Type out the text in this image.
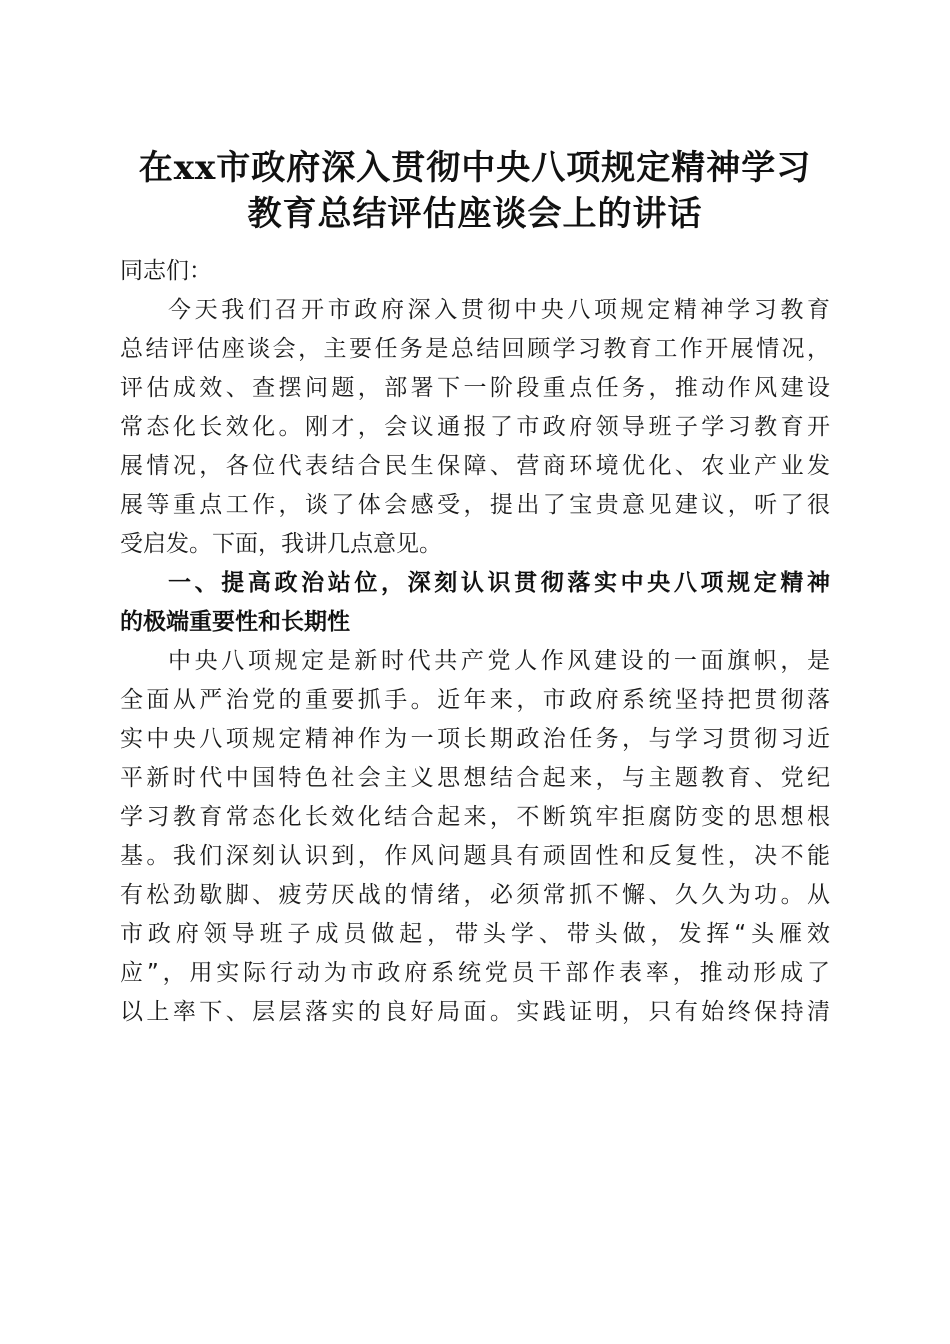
在xx市政府深入贯彻中央八项规定精神学习
教育总结评估座谈会上的讲话
同志们：
今天我们召开市政府深入贯彻中央八项规定精神学习教育
总结评估座谈会，主要任务是总结回顾学习教育工作开展情况，
评估成效、查摆问题，部署下一阶段重点任务，推动作风建设
常态化长效化。刚才，会议通报了市政府领导班子学习教育开
展情况，各位代表结合民生保障、营商环境优化、农业产业发
展等重点工作，谈了体会感受，提出了宝贵意见建议，听了很
受启发。下面，我讲几点意见。
一、提高政治站位，深刻认识贯彻落实中央八项规定精神
的极端重要性和长期性
中央八项规定是新时代共产党人作风建设的一面旗帜，是
全面从严治党的重要抓手。近年来，市政府系统坚持把贯彻落
实中央八项规定精神作为一项长期政治任务，与学习贯彻习近
平新时代中国特色社会主义思想结合起来，与主题教育、党纪
学习教育常态化长效化结合起来，不断筑牢拒腐防变的思想根
基。我们深刻认识到，作风问题具有顽固性和反复性，决不能
有松劲歇脚、疲劳厌战的情绪，必须常抓不懈、久久为功。从
市政府领导班子成员做起，带头学、带头做，发挥“头雁效
应”，用实际行动为市政府系统党员干部作表率，推动形成了
以上率下、层层落实的良好局面。实践证明，只有始终保持清
